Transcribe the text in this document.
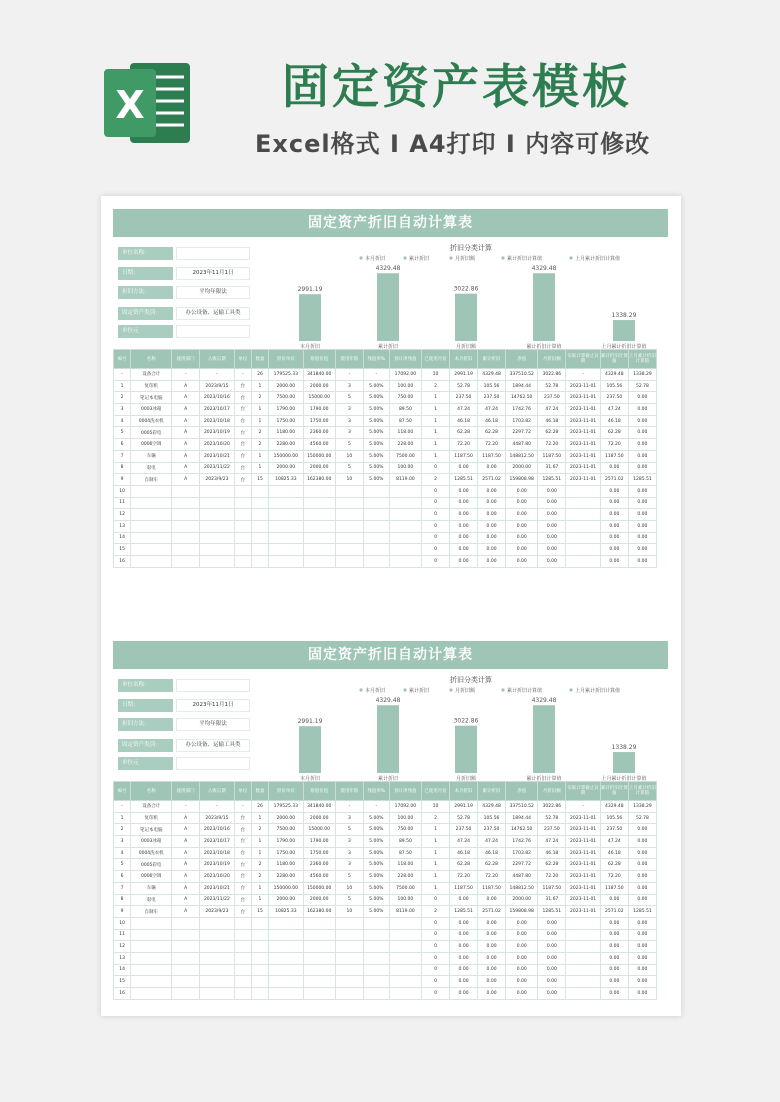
X	固定资产表模板
Excel格式 I A4打印 I 内容可修改
固定资产折旧自动计算表
单位名称：
日期：	2023年11月1日
折旧方法：	平均年限法
固定资产类别：	办公设备、运输工具类
单位元
折旧分类计算
本月折旧	累计折旧	月折旧额	累计折旧计算值	上月累计折旧计算值
2991.19
本月折旧
4329.48
累计折旧
3022.86
月折旧额
4329.48
累计折旧计算值
1338.29
上月累计折旧计算值
编号	名称	使用部门	入账日期	单位	数量	原价单价	原值价值	使用年限	残值率%	预计净残值	已使用月份	本月折旧	累计折旧	净值	月折旧额	实际计算截止日期	累计折旧计算值	上月累计折旧计算值
-	设备合计	-	-	-	26	179525.33	341840.00	-	-	17092.00	10	2991.19	4329.48	337510.52	3022.86	-	4329.48	1338.29
1	复印机	A	2023/9/15	台	1	2000.00	2000.00	3	5.00%	100.00	2	52.78	105.56	1894.44	52.78	2023-11-01	105.56	52.78
2	笔记本电脑	A	2023/10/16	台	2	7500.00	15000.00	5	5.00%	750.00	1	237.50	237.50	14762.50	237.50	2023-11-01	237.50	0.00
3	0003冰箱	A	2023/10/17	台	1	1790.00	1790.00	3	5.00%	89.50	1	47.24	47.24	1742.76	47.24	2023-11-01	47.24	0.00
4	0004洗衣机	A	2023/10/18	台	1	1750.00	1750.00	3	5.00%	87.50	1	46.18	46.18	1703.82	46.18	2023-11-01	46.18	0.00
5	0005彩电	A	2023/10/19	台	2	1180.00	2360.00	3	5.00%	118.00	1	62.28	62.28	2297.72	62.28	2023-11-01	62.28	0.00
6	0006空调	A	2023/10/20	台	2	2280.00	4560.00	5	5.00%	228.00	1	72.20	72.20	4487.80	72.20	2023-11-01	72.20	0.00
7	车辆	A	2023/10/21	台	1	150000.00	150000.00	10	5.00%	7500.00	1	1187.50	1187.50	148812.50	1187.50	2023-11-01	1187.50	0.00
8	彩电	A	2023/11/22	台	1	2000.00	2000.00	5	5.00%	100.00	0	0.00	0.00	2000.00	31.67	2023-11-01	0.00	0.00
9	自制车	A	2023/9/23	台	15	10825.33	162380.00	10	5.00%	8119.00	2	1285.51	2571.02	159808.98	1285.51	2023-11-01	2571.02	1285.51
10											0	0.00	0.00	0.00	0.00		0.00	0.00
11											0	0.00	0.00	0.00	0.00		0.00	0.00
12											0	0.00	0.00	0.00	0.00		0.00	0.00
13											0	0.00	0.00	0.00	0.00		0.00	0.00
14											0	0.00	0.00	0.00	0.00		0.00	0.00
15											0	0.00	0.00	0.00	0.00		0.00	0.00
16											0	0.00	0.00	0.00	0.00		0.00	0.00
固定资产折旧自动计算表
单位名称：
日期：	2023年11月1日
折旧方法：	平均年限法
固定资产类别：	办公设备、运输工具类
单位元
折旧分类计算
本月折旧	累计折旧	月折旧额	累计折旧计算值	上月累计折旧计算值
2991.19
本月折旧
4329.48
累计折旧
3022.86
月折旧额
4329.48
累计折旧计算值
1338.29
上月累计折旧计算值
编号	名称	使用部门	入账日期	单位	数量	原价单价	原值价值	使用年限	残值率%	预计净残值	已使用月份	本月折旧	累计折旧	净值	月折旧额	实际计算截止日期	累计折旧计算值	上月累计折旧计算值
-	设备合计	-	-	-	26	179525.33	341840.00	-	-	17092.00	10	2991.19	4329.48	337510.52	3022.86	-	4329.48	1338.29
1	复印机	A	2023/9/15	台	1	2000.00	2000.00	3	5.00%	100.00	2	52.78	105.56	1894.44	52.78	2023-11-01	105.56	52.78
2	笔记本电脑	A	2023/10/16	台	2	7500.00	15000.00	5	5.00%	750.00	1	237.50	237.50	14762.50	237.50	2023-11-01	237.50	0.00
3	0003冰箱	A	2023/10/17	台	1	1790.00	1790.00	3	5.00%	89.50	1	47.24	47.24	1742.76	47.24	2023-11-01	47.24	0.00
4	0004洗衣机	A	2023/10/18	台	1	1750.00	1750.00	3	5.00%	87.50	1	46.18	46.18	1703.82	46.18	2023-11-01	46.18	0.00
5	0005彩电	A	2023/10/19	台	2	1180.00	2360.00	3	5.00%	118.00	1	62.28	62.28	2297.72	62.28	2023-11-01	62.28	0.00
6	0006空调	A	2023/10/20	台	2	2280.00	4560.00	5	5.00%	228.00	1	72.20	72.20	4487.80	72.20	2023-11-01	72.20	0.00
7	车辆	A	2023/10/21	台	1	150000.00	150000.00	10	5.00%	7500.00	1	1187.50	1187.50	148812.50	1187.50	2023-11-01	1187.50	0.00
8	彩电	A	2023/11/22	台	1	2000.00	2000.00	5	5.00%	100.00	0	0.00	0.00	2000.00	31.67	2023-11-01	0.00	0.00
9	自制车	A	2023/9/23	台	15	10825.33	162380.00	10	5.00%	8119.00	2	1285.51	2571.02	159808.98	1285.51	2023-11-01	2571.02	1285.51
10											0	0.00	0.00	0.00	0.00		0.00	0.00
11											0	0.00	0.00	0.00	0.00		0.00	0.00
12											0	0.00	0.00	0.00	0.00		0.00	0.00
13											0	0.00	0.00	0.00	0.00		0.00	0.00
14											0	0.00	0.00	0.00	0.00		0.00	0.00
15											0	0.00	0.00	0.00	0.00		0.00	0.00
16											0	0.00	0.00	0.00	0.00		0.00	0.00
